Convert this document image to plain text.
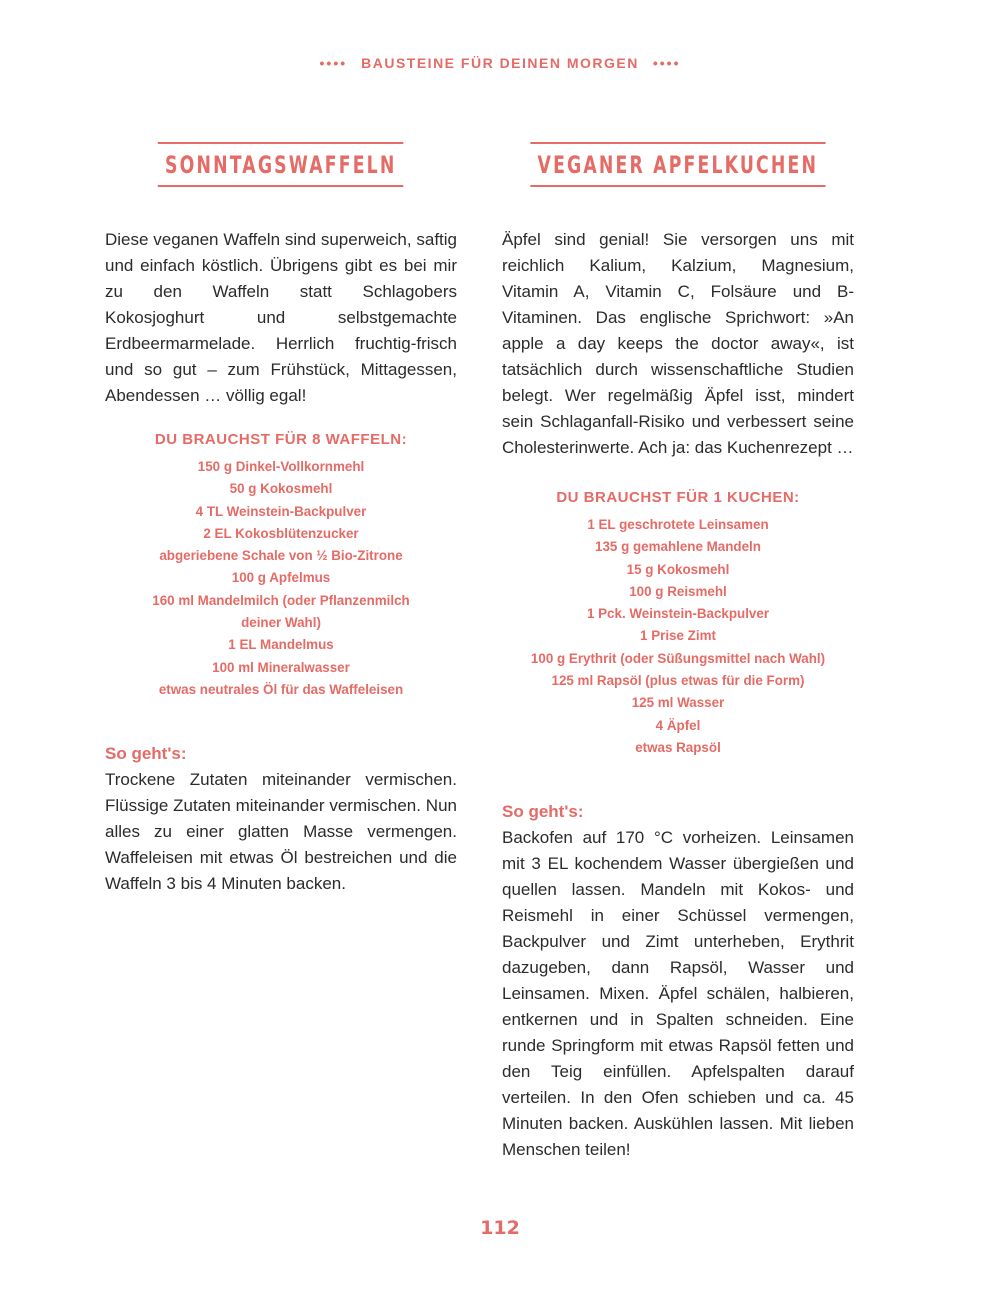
•••• BAUSTEINE FÜR DEINEN MORGEN ••••
SONNTAGSWAFFELN
Diese veganen Waffeln sind superweich, saftig und einfach köstlich. Übrigens gibt es bei mir zu den Waffeln statt Schlagobers Kokosjoghurt und selbstgemachte Erdbeermarmelade. Herrlich fruchtig-frisch und so gut – zum Frühstück, Mittagessen, Abendessen … völlig egal!
DU BRAUCHST FÜR 8 WAFFELN:
150 g Dinkel-Vollkornmehl
50 g Kokosmehl
4 TL Weinstein-Backpulver
2 EL Kokosblütenzucker
abgeriebene Schale von ½ Bio-Zitrone
100 g Apfelmus
160 ml Mandelmilch (oder Pflanzenmilch deiner Wahl)
1 EL Mandelmus
100 ml Mineralwasser
etwas neutrales Öl für das Waffeleisen
So geht's:
Trockene Zutaten miteinander vermischen. Flüssige Zutaten miteinander vermischen. Nun alles zu einer glatten Masse vermengen. Waffeleisen mit etwas Öl bestreichen und die Waffeln 3 bis 4 Minuten backen.
VEGANER APFELKUCHEN
Äpfel sind genial! Sie versorgen uns mit reichlich Kalium, Kalzium, Magnesium, Vitamin A, Vitamin C, Folsäure und B-Vitaminen. Das englische Sprichwort: »An apple a day keeps the doctor away«, ist tatsächlich durch wissenschaftliche Studien belegt. Wer regelmäßig Äpfel isst, mindert sein Schlaganfall-Risiko und verbessert seine Cholesterinwerte. Ach ja: das Kuchenrezept …
DU BRAUCHST FÜR 1 KUCHEN:
1 EL geschrotete Leinsamen
135 g gemahlene Mandeln
15 g Kokosmehl
100 g Reismehl
1 Pck. Weinstein-Backpulver
1 Prise Zimt
100 g Erythrit (oder Süßungsmittel nach Wahl)
125 ml Rapsöl (plus etwas für die Form)
125 ml Wasser
4 Äpfel
etwas Rapsöl
So geht's:
Backofen auf 170 °C vorheizen. Leinsamen mit 3 EL kochendem Wasser übergießen und quellen lassen. Mandeln mit Kokos- und Reismehl in einer Schüssel vermengen, Backpulver und Zimt unterheben, Erythrit dazugeben, dann Rapsöl, Wasser und Leinsamen. Mixen. Äpfel schälen, halbieren, entkernen und in Spalten schneiden. Eine runde Springform mit etwas Rapsöl fetten und den Teig einfüllen. Apfelspalten darauf verteilen. In den Ofen schieben und ca. 45 Minuten backen. Auskühlen lassen. Mit lieben Menschen teilen!
112
